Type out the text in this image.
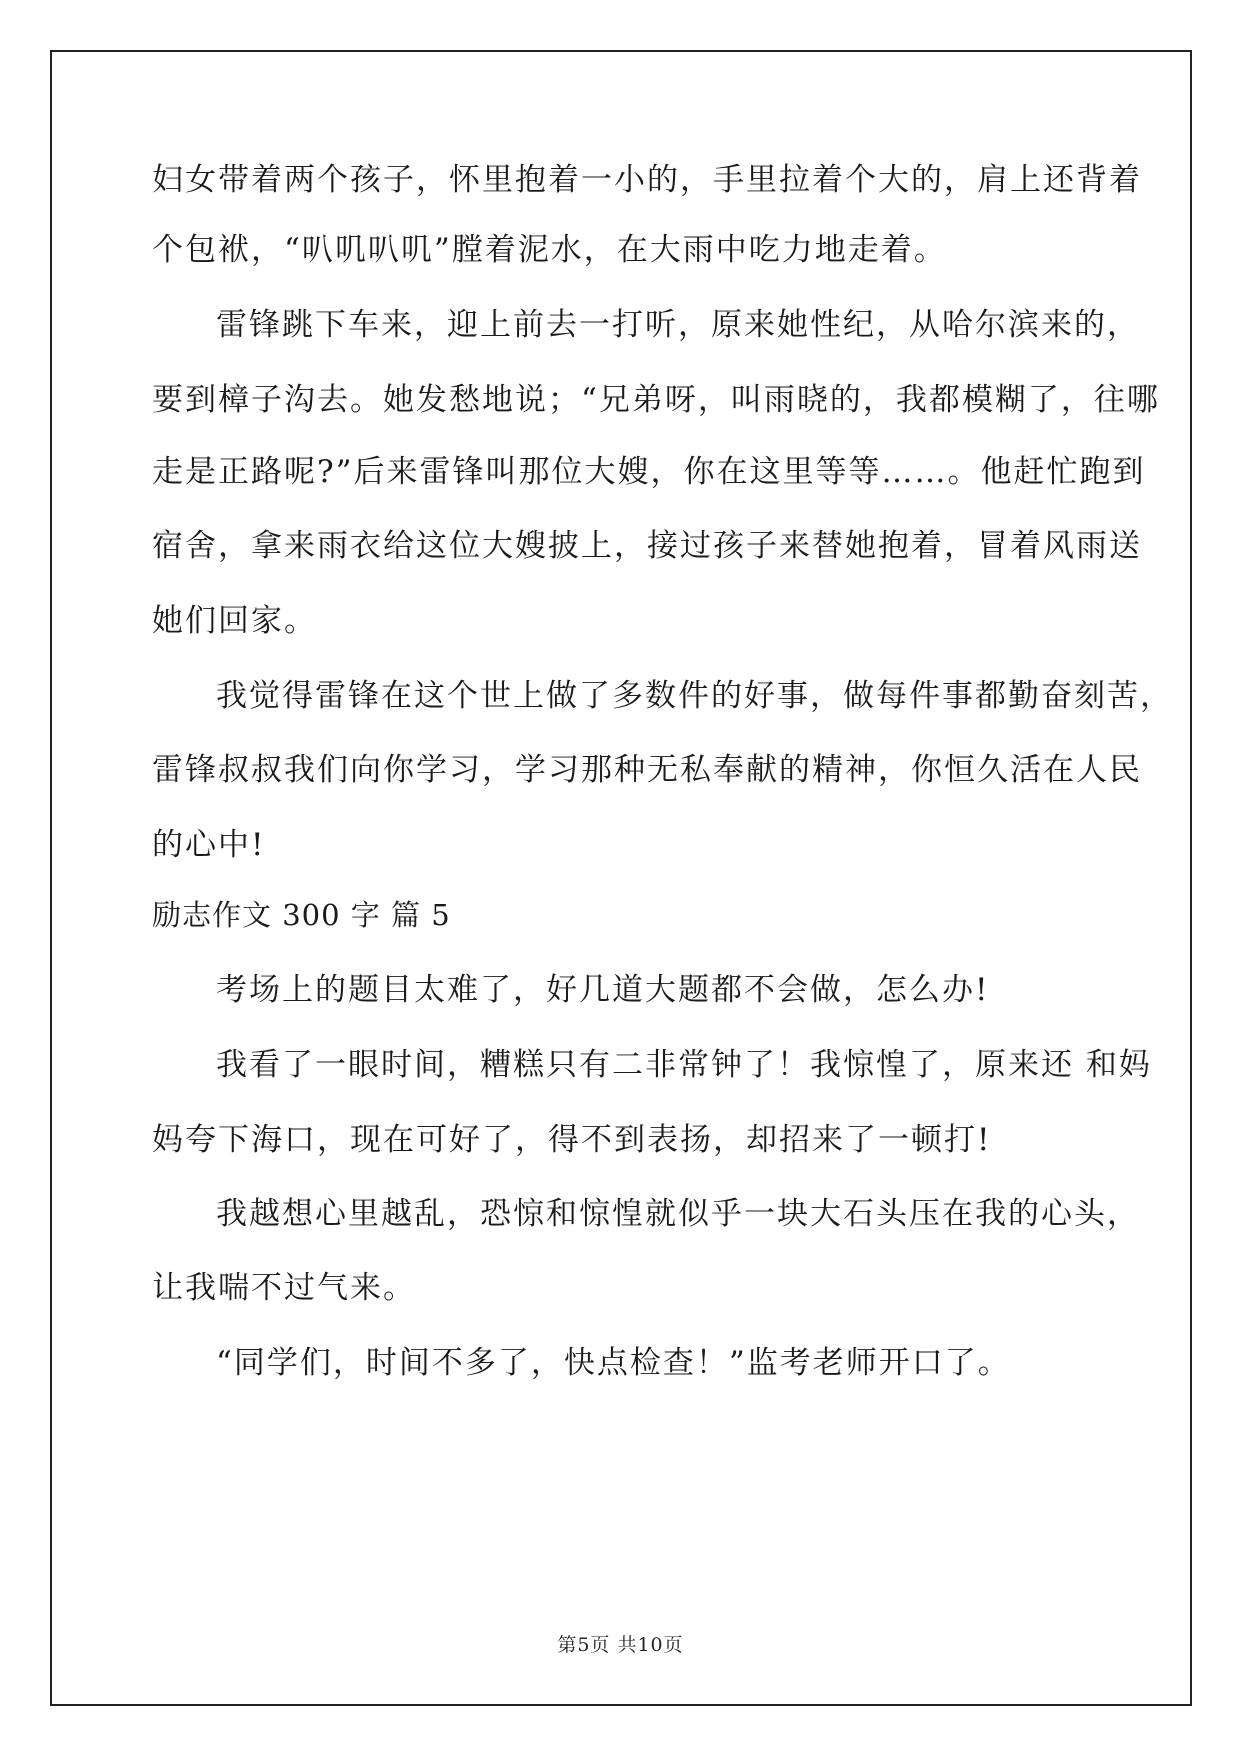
妇女带着两个孩子，怀里抱着一小的，手里拉着个大的，肩上还背着
个包袱，“叭叽叭叽”膛着泥水，在大雨中吃力地走着。
雷锋跳下车来，迎上前去一打听，原来她性纪，从哈尔滨来的，
要到樟子沟去。她发愁地说；“兄弟呀，叫雨晓的，我都模糊了，往哪
走是正路呢?”后来雷锋叫那位大嫂，你在这里等等……。他赶忙跑到
宿舍，拿来雨衣给这位大嫂披上，接过孩子来替她抱着，冒着风雨送
她们回家。
我觉得雷锋在这个世上做了多数件的好事，做每件事都勤奋刻苦，
雷锋叔叔我们向你学习，学习那种无私奉献的精神，你恒久活在人民
的心中!
励志作文 300 字 篇 5
考场上的题目太难了，好几道大题都不会做，怎么办!
我看了一眼时间，糟糕只有二非常钟了！我惊惶了，原来还 和妈
妈夸下海口，现在可好了，得不到表扬，却招来了一顿打!
我越想心里越乱，恐惊和惊惶就似乎一块大石头压在我的心头，
让我喘不过气来。
“同学们，时间不多了，快点检查！”监考老师开口了。
第5页 共10页
